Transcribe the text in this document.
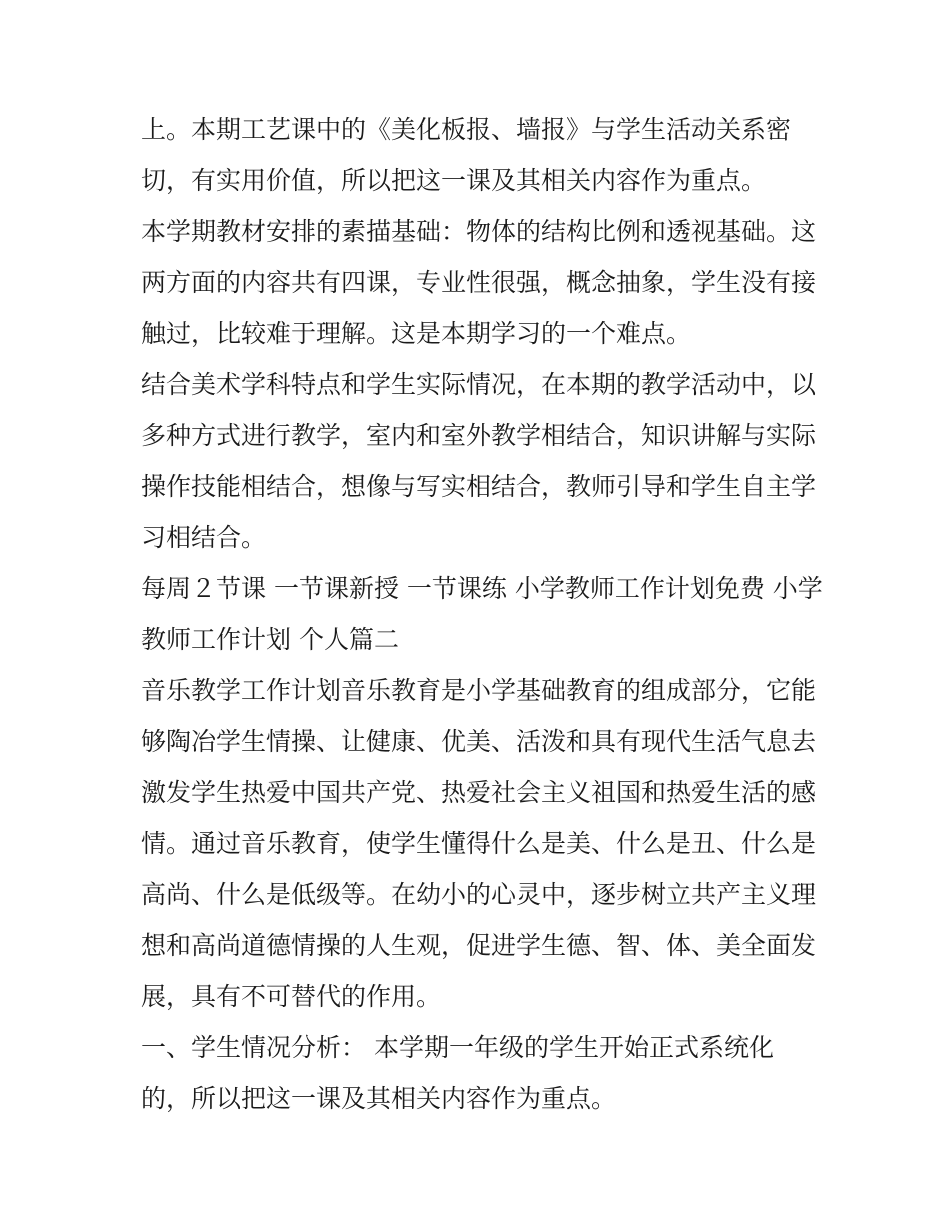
上。本期工艺课中的《美化板报、墙报》与学生活动关系密
切，有实用价值，所以把这一课及其相关内容作为重点。
本学期教材安排的素描基础：物体的结构比例和透视基础。这
两方面的内容共有四课，专业性很强，概念抽象，学生没有接
触过，比较难于理解。这是本期学习的一个难点。
结合美术学科特点和学生实际情况，在本期的教学活动中，以
多种方式进行教学，室内和室外教学相结合，知识讲解与实际
操作技能相结合，想像与写实相结合，教师引导和学生自主学
习相结合。
每周２节课 一节课新授 一节课练 小学教师工作计划免费 小学
教师工作计划 个人篇二
音乐教学工作计划音乐教育是小学基础教育的组成部分，它能
够陶冶学生情操、让健康、优美、活泼和具有现代生活气息去
激发学生热爱中国共产党、热爱社会主义祖国和热爱生活的感
情。通过音乐教育，使学生懂得什么是美、什么是丑、什么是
高尚、什么是低级等。在幼小的心灵中，逐步树立共产主义理
想和高尚道德情操的人生观，促进学生德、智、体、美全面发
展，具有不可替代的作用。
一、学生情况分析： 本学期一年级的学生开始正式系统化
的，所以把这一课及其相关内容作为重点。
